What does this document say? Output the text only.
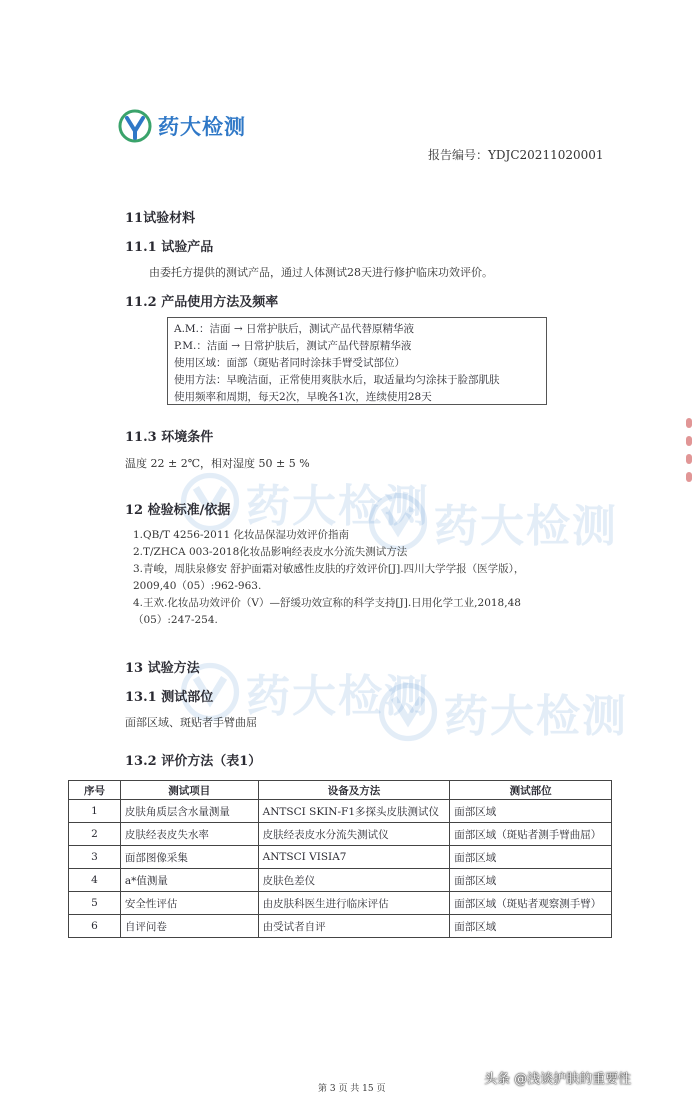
药大检测
报告编号：YDJC20211020001
药大检测 药大检测
药大检测 药大检测
11试验材料
11.1 试验产品
由委托方提供的测试产品，通过人体测试28天进行修护临床功效评价。
11.2 产品使用方法及频率
A.M.：洁面 → 日常护肤后，测试产品代替原精华液
P.M.：洁面 → 日常护肤后，测试产品代替原精华液
使用区域：面部（斑贴者同时涂抹手臂受试部位）
使用方法：早晚洁面，正常使用爽肤水后，取适量均匀涂抹于脸部肌肤
使用频率和周期，每天2次，早晚各1次，连续使用28天
11.3 环境条件
温度 22 ± 2℃，相对湿度 50 ± 5 %
12 检验标准/依据
1.QB/T 4256-2011 化妆品保湿功效评价指南
2.T/ZHCA 003-2018化妆品影响经表皮水分流失测试方法
3.青峻，周肤泉修安 舒护面霜对敏感性皮肤的疗效评价[J].四川大学学报（医学版），2009,40（05）:962-963.
4.王欢.化妆品功效评价（V）—舒缓功效宣称的科学支持[J].日用化学工业,2018,48（05）:247-254.
13 试验方法
13.1 测试部位
面部区域、斑贴者手臂曲屈
13.2 评价方法（表1）
序号	测试项目	设备及方法	测试部位
1	皮肤角质层含水量测量	ANTSCI SKIN-F1多探头皮肤测试仪	面部区域
2	皮肤经表皮失水率	皮肤经表皮水分流失测试仪	面部区域（斑贴者测手臂曲屈）
3	面部图像采集	ANTSCI VISIA7	面部区域
4	a*值测量	皮肤色差仪	面部区域
5	安全性评估	由皮肤科医生进行临床评估	面部区域（斑贴者观察测手臂）
6	自评问卷	由受试者自评	面部区域
第 3 页 共 15 页
头条 @浅谈护肤的重要性
